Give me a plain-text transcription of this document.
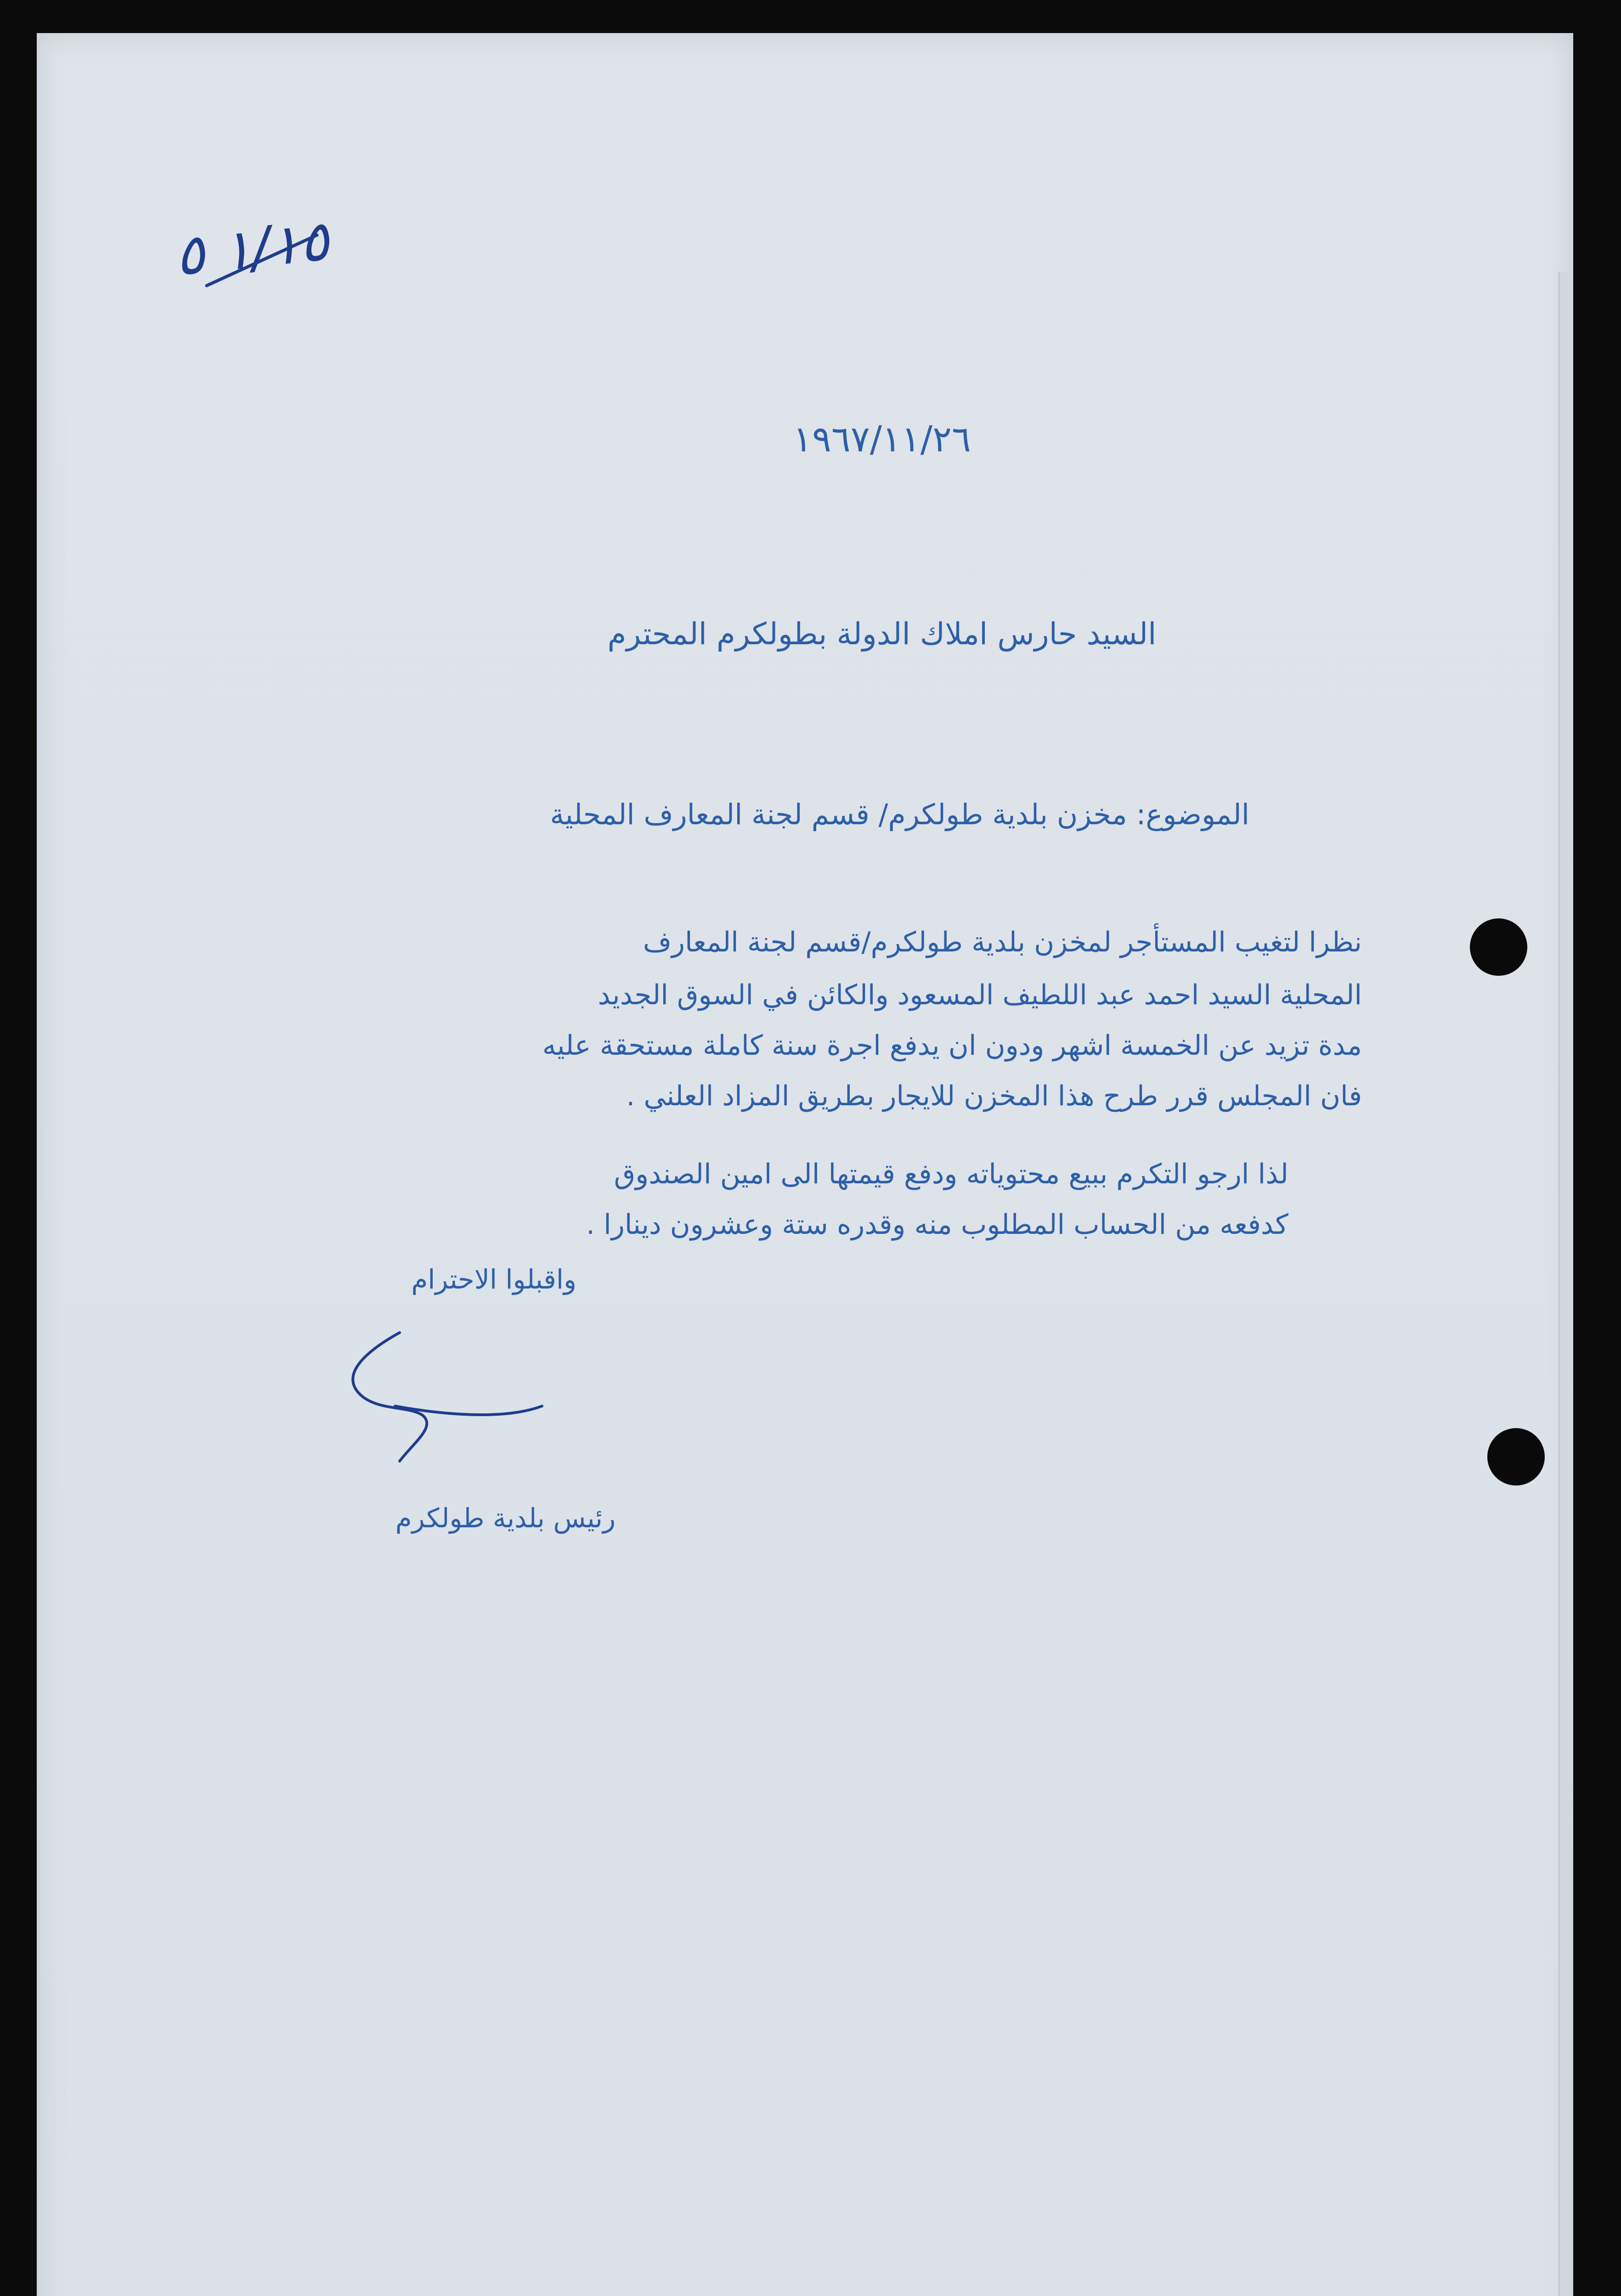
١/١٥ ٥
١٩٦٧/١١/٢٦
السيد حارس املاك الدولة بطولكرم المحترم
الموضوع: مخزن بلدية طولكرم/ قسم لجنة المعارف المحلية
نظرا لتغيب المستأجر لمخزن بلدية طولكرم/قسم لجنة المعارف
المحلية السيد احمد عبد اللطيف المسعود والكائن في السوق الجديد
مدة تزيد عن الخمسة اشهر ودون ان يدفع اجرة سنة كاملة مستحقة عليه
فان المجلس قرر طرح هذا المخزن للايجار بطريق المزاد العلني .
لذا ارجو التكرم ببيع محتوياته ودفع قيمتها الى امين الصندوق
كدفعه من الحساب المطلوب منه وقدره ستة وعشرون دينارا .
واقبلوا الاحترام
رئيس بلدية طولكرم
